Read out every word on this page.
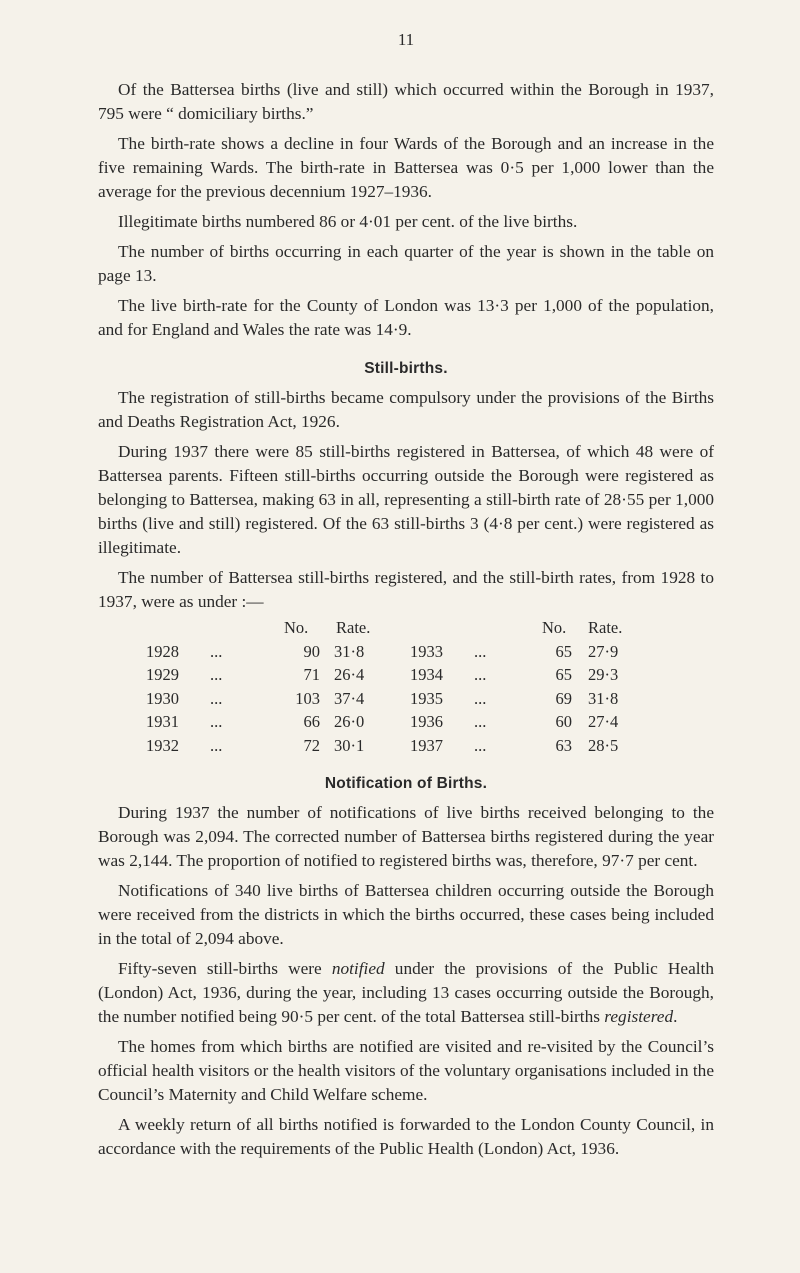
11

Of the Battersea births (live and still) which occurred within the Borough in 1937, 795 were “ domiciliary births.”

The birth-rate shows a decline in four Wards of the Borough and an increase in the five remaining Wards. The birth-rate in Battersea was 0·5 per 1,000 lower than the average for the previous decennium 1927–1936.

Illegitimate births numbered 86 or 4·01 per cent. of the live births.

The number of births occurring in each quarter of the year is shown in the table on page 13.

The live birth-rate for the County of London was 13·3 per 1,000 of the population, and for England and Wales the rate was 14·9.

Still-births.

The registration of still-births became compulsory under the provisions of the Births and Deaths Registration Act, 1926.

During 1937 there were 85 still-births registered in Battersea, of which 48 were of Battersea parents. Fifteen still-births occurring outside the Borough were registered as belonging to Battersea, making 63 in all, representing a still-birth rate of 28·55 per 1,000 births (live and still) registered. Of the 63 still-births 3 (4·8 per cent.) were registered as illegitimate.

The number of Battersea still-births registered, and the still-birth rates, from 1928 to 1937, were as under :—

No. Rate.	No. Rate.
1928 ...	90 31·8	1933 ...	65 27·9
1929 ...	71 26·4	1934 ...	65 29·3
1930 ...	103 37·4	1935 ...	69 31·8
1931 ...	66 26·0	1936 ...	60 27·4
1932 ...	72 30·1	1937 ...	63 28·5
Notification of Births.

During 1937 the number of notifications of live births received belonging to the Borough was 2,094. The corrected number of Battersea births registered during the year was 2,144. The proportion of notified to registered births was, therefore, 97·7 per cent.

Notifications of 340 live births of Battersea children occurring outside the Borough were received from the districts in which the births occurred, these cases being included in the total of 2,094 above.

Fifty-seven still-births were notified under the provisions of the Public Health (London) Act, 1936, during the year, including 13 cases occurring outside the Borough, the number notified being 90·5 per cent. of the total Battersea still-births registered.

The homes from which births are notified are visited and re-visited by the Council’s official health visitors or the health visitors of the voluntary organisations included in the Council’s Maternity and Child Welfare scheme.

A weekly return of all births notified is forwarded to the London County Council, in accordance with the requirements of the Public Health (London) Act, 1936.
